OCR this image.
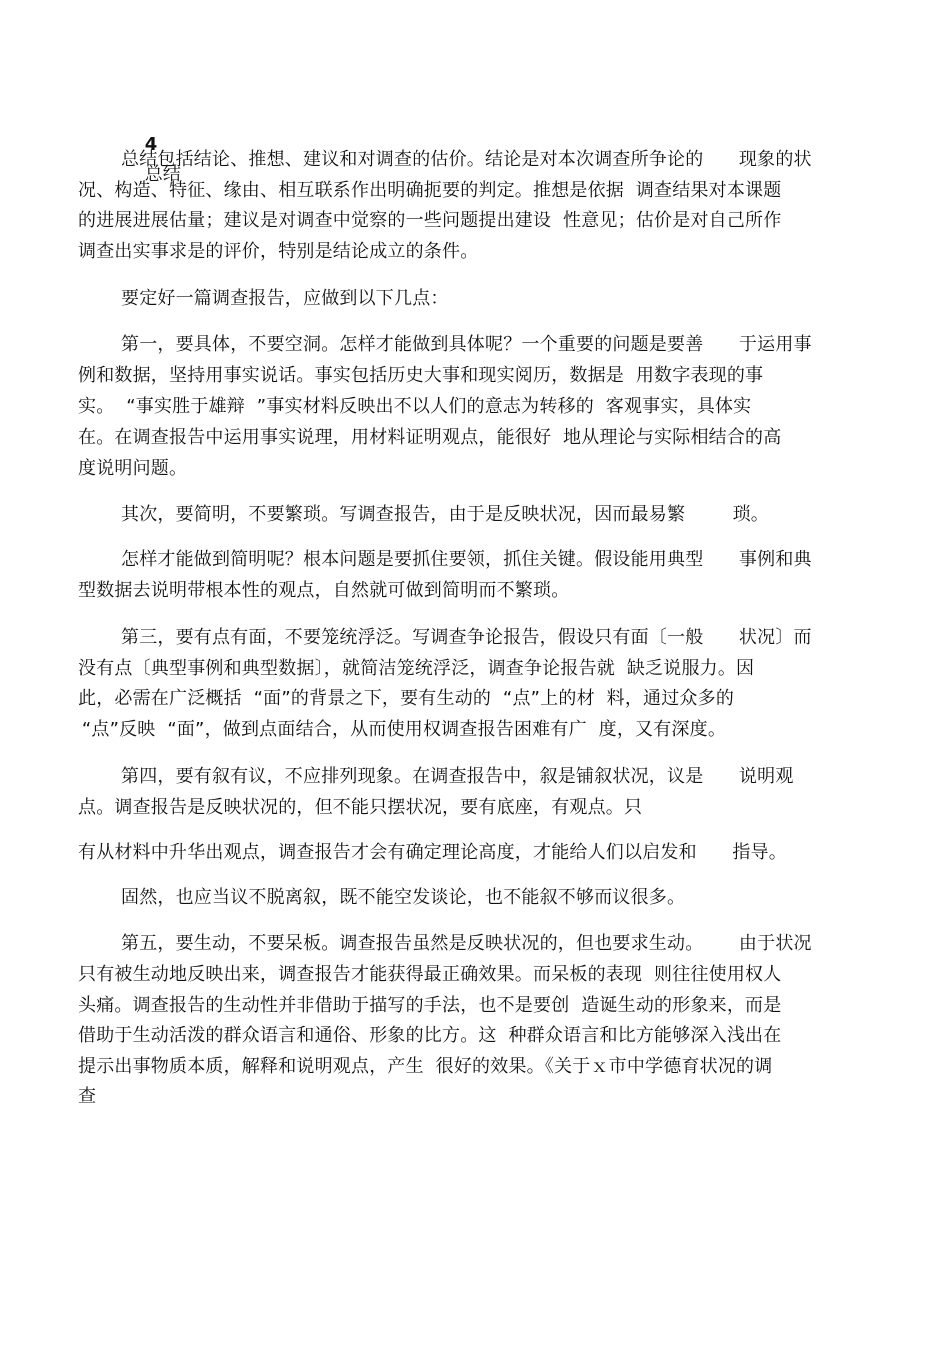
4
总结

总结包括结论、推想、建议和对调查的估价。结论是对本次调查所争论的      现象的状
况、构造、特征、缘由、相互联系作出明确扼要的判定。推想是依据  调查结果对本课题
的进展进展估量；建议是对调查中觉察的一些问题提出建设  性意见；估价是对自己所作
调查出实事求是的评价，特别是结论成立的条件。
要定好一篇调查报告，应做到以下几点：
第一，要具体，不要空洞。怎样才能做到具体呢？一个重要的问题是要善      于运用事
例和数据，坚持用事实说话。事实包括历史大事和现实阅历，数据是  用数字表现的事
实。  “事实胜于雄辩  ”事实材料反映出不以人们的意志为转移的  客观事实，具体实
在。在调查报告中运用事实说理，用材料证明观点，能很好  地从理论与实际相结合的高
度说明问题。
其次，要简明，不要繁琐。写调查报告，由于是反映状况，因而最易繁        琐。
怎样才能做到简明呢？根本问题是要抓住要领，抓住关键。假设能用典型      事例和典
型数据去说明带根本性的观点，自然就可做到简明而不繁琐。
第三，要有点有面，不要笼统浮泛。写调查争论报告，假设只有面〔一般      状况〕而
没有点〔典型事例和典型数据〕，就简洁笼统浮泛，调查争论报告就  缺乏说服力。因
此，必需在广泛概括  “面”的背景之下，要有生动的  “点”上的材  料，通过众多的
“点”反映  “面”，做到点面结合，从而使用权调查报告困难有广  度，又有深度。
第四，要有叙有议，不应排列现象。在调查报告中，叙是铺叙状况，议是      说明观
点。调查报告是反映状况的，但不能只摆状况，要有底座，有观点。只
有从材料中升华出观点，调查报告才会有确定理论高度，才能给人们以启发和      指导。
固然，也应当议不脱离叙，既不能空发谈论，也不能叙不够而议很多。
第五，要生动，不要呆板。调查报告虽然是反映状况的，但也要求生动。      由于状况
只有被生动地反映出来，调查报告才能获得最正确效果。而呆板的表现  则往往使用权人
头痛。调查报告的生动性并非借助于描写的手法，也不是要创  造诞生动的形象来，而是
借助于生动活泼的群众语言和通俗、形象的比方。这  种群众语言和比方能够深入浅出在
提示出事物质本质，解释和说明观点，产生  很好的效果。《关于ｘ市中学德育状况的调
查
